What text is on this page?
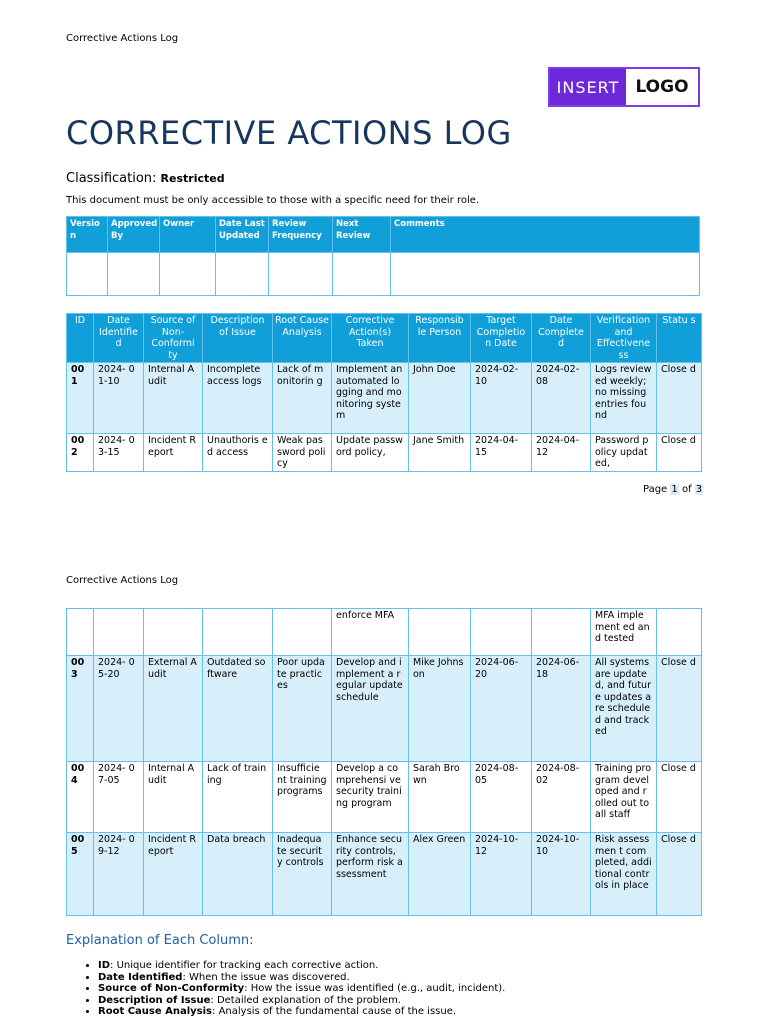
Corrective Actions Log
INSERT LOGO
CORRECTIVE ACTIONS LOG
Classification: Restricted
This document must be only accessible to those with a specific need for their role.
Versio n	Approved By	Owner	Date Last Updated	Review Frequency	Next Review	Comments

ID	Date Identifie d	Source of Non- Conformi ty	Description of Issue	Root Cause Analysis	Corrective Action(s) Taken	Responsib le Person	Target Completio n Date	Date Complete d	Verification and Effectivene ss	Statu s
00 1	2024- 01-10	Internal Audit	Incomplete access logs	Lack of monitorin g	Implement an automated logging and monitoring system	John Doe	2024-02- 10	2024-02- 08	Logs reviewed weekly; no missing entries found	Close d
00 2	2024- 03-15	Incident Report	Unauthoris ed access	Weak password policy	Update password policy,	Jane Smith	2024-04- 15	2024-04- 12	Password policy updated,	Close d
Page 1 of 3
Corrective Actions Log
					enforce MFA				MFA implement ed and tested	
00 3	2024- 05-20	External Audit	Outdated software	Poor update practices	Develop and implement a regular update schedule	Mike Johnson	2024-06- 20	2024-06- 18	All systems are updated, and future updates are scheduled and tracked	Close d
00 4	2024- 07-05	Internal Audit	Lack of training	Insufficie nt training programs	Develop a comprehensi ve security training program	Sarah Brown	2024-08- 05	2024-08- 02	Training program developed and rolled out to all staff	Close d
00 5	2024- 09-12	Incident Report	Data breach	Inadequa te security controls	Enhance security controls, perform risk assessment	Alex Green	2024-10- 12	2024-10- 10	Risk assessmen t completed, additional controls in place	Close d
Explanation of Each Column:
• ID: Unique identifier for tracking each corrective action.
• Date Identified: When the issue was discovered.
• Source of Non-Conformity: How the issue was identified (e.g., audit, incident).
• Description of Issue: Detailed explanation of the problem.
• Root Cause Analysis: Analysis of the fundamental cause of the issue.
